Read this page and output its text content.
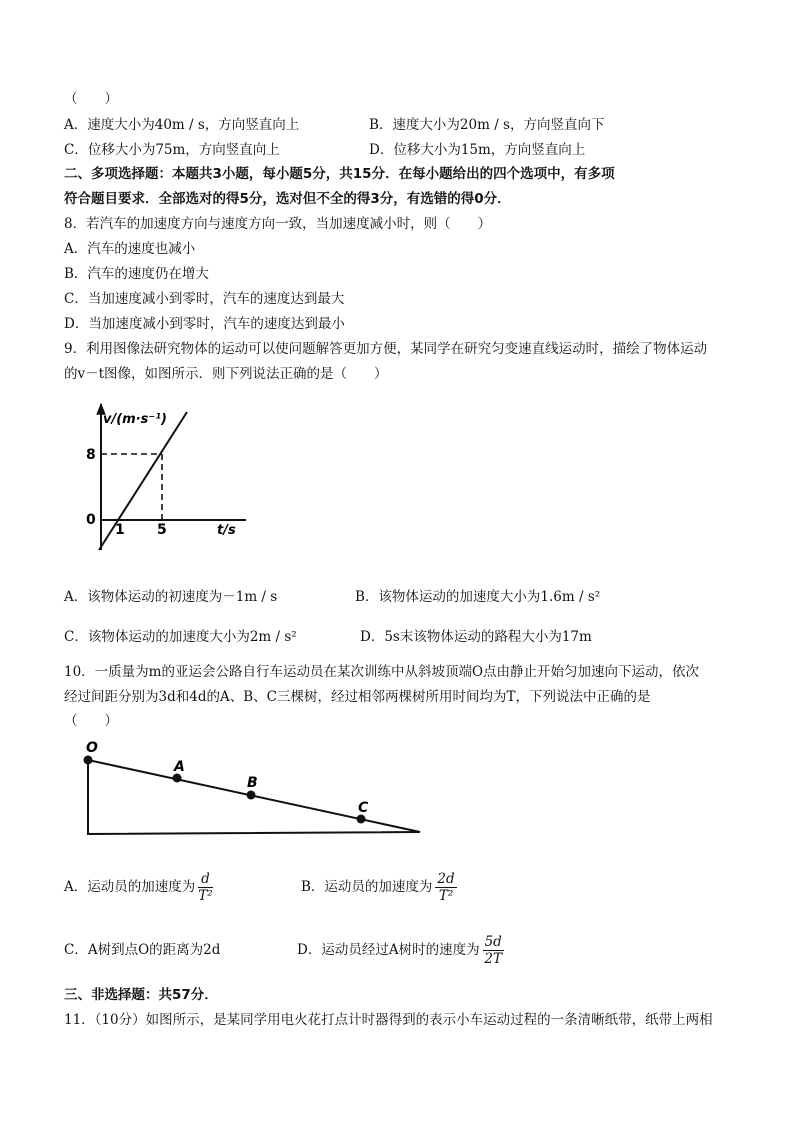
（　　）
A．速度大小为40m / s，方向竖直向上	B．速度大小为20m / s，方向竖直向下
C．位移大小为75m，方向竖直向上	D．位移大小为15m，方向竖直向上
二、多项选择题：本题共3小题，每小题5分，共15分．在每小题给出的四个选项中，有多项
符合题目要求．全部选对的得5分，选对但不全的得3分，有选错的得0分．
8．若汽车的加速度方向与速度方向一致，当加速度减小时，则（　　）
A．汽车的速度也减小
B．汽车的速度仍在增大
C．当加速度减小到零时，汽车的速度达到最大
D．当加速度减小到零时，汽车的速度达到最小
9．利用图像法研究物体的运动可以使问题解答更加方便，某同学在研究匀变速直线运动时，描绘了物体运动
的v－t图像，如图所示．则下列说法正确的是（　　）
v/(m·s⁻¹)
t/s
8
0
1 5
A．该物体运动的初速度为－1m / s	B．该物体运动的加速度大小为1.6m / s²
C．该物体运动的加速度大小为2m / s²	D．5s末该物体运动的路程大小为17m
10．一质量为m的亚运会公路自行车运动员在某次训练中从斜坡顶端O点由静止开始匀加速向下运动，依次
经过间距分别为3d和4d的A、B、C三棵树，经过相邻两棵树所用时间均为T，下列说法中正确的是
（　　）
O
A
B
C
A．运动员的加速度为 $\frac{d}{\text{T²}}$	B．运动员的加速度为 $\frac{2d}{\text{T²}}$
C．A树到点O的距离为2d	D．运动员经过A树时的速度为 $\frac{5d}{2T}$
三、非选择题：共57分．
11．（10分）如图所示，是某同学用电火花打点计时器得到的表示小车运动过程的一条清晰纸带，纸带上两相
